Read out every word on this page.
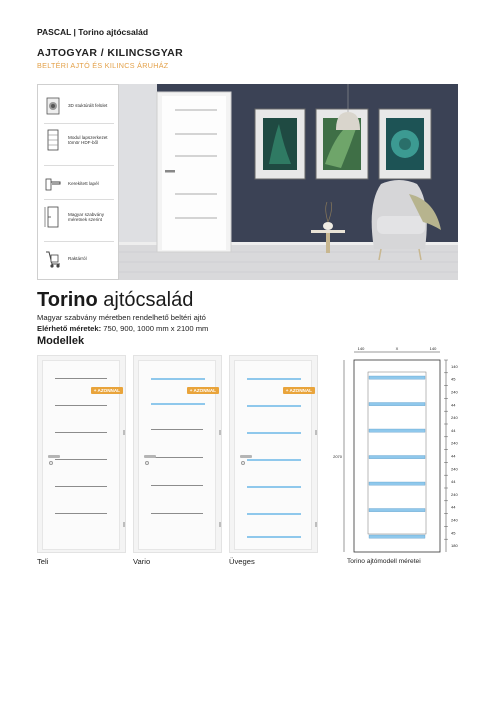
PASCAL | Torino ajtócsalád
AJTOGYAR / KILINCSGYAR
BELTÉRI AJTÓ ÉS KILINCS ÁRUHÁZ
3D stuktúrált felület
Modul lapszerkezet tömör HDF-ből
Kerekített lapél
Magyar szabvány méretnek szerint
Raktárról
Torino ajtócsalád
Magyar szabvány méretben rendelhető beltéri ajtó
Elérhető méretek: 750, 900, 1000 mm x 2100 mm
Modellek
+ AZONNAL
Teli
+ AZONNAL
Vario
+ AZONNAL
Üveges
140	X	140
2070
140
45
240
44
240
44
240
44
240
44
240
44
240
45
180
Torino ajtómodell méretei
